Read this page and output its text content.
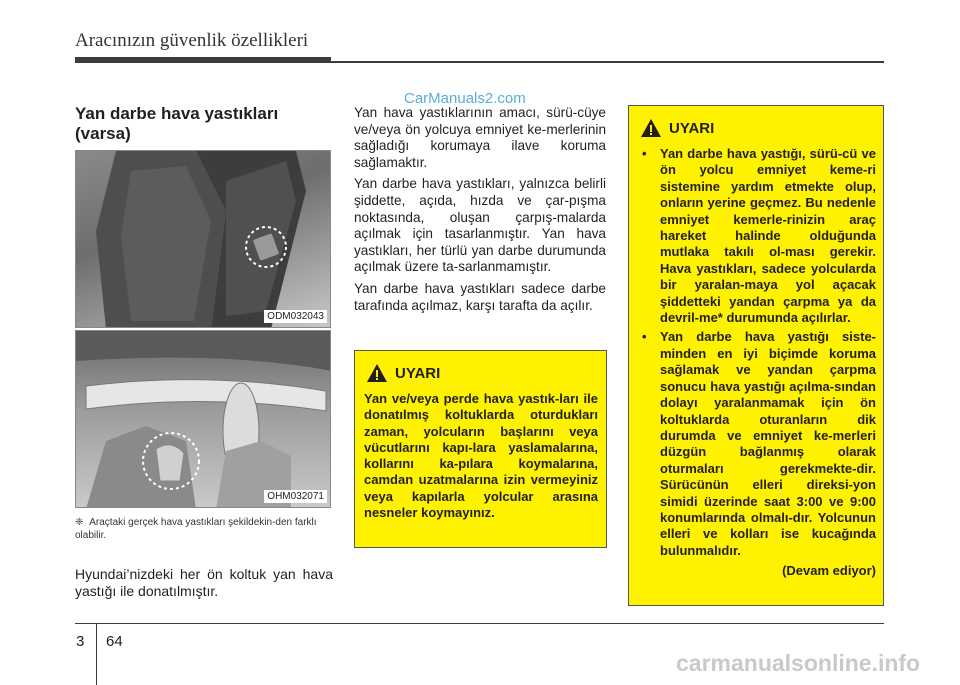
Aracınızın güvenlik özellikleri
CarManuals2.com
Yan darbe hava yastıkları
(varsa)
ODM032043
OHM032071
❈ Araçtaki gerçek hava yastıkları şekildekin-den farklı olabilir.
Hyundai’nizdeki her ön koltuk yan hava yastığı ile donatılmıştır.

Yan hava yastıklarının amacı, sürü-cüye ve/veya ön yolcuya emniyet ke-merlerinin sağladığı korumaya ilave koruma sağlamaktır.

Yan darbe hava yastıkları, yalnızca belirli şiddette, açıda, hızda ve çar-pışma noktasında, oluşan çarpış-malarda açılmak için tasarlanmıştır. Yan hava yastıkları, her türlü yan darbe durumunda açılmak üzere ta-sarlanmamıştır.

Yan darbe hava yastıkları sadece darbe tarafında açılmaz, karşı tarafta da açılır.

UYARI
Yan ve/veya perde hava yastık-ları ile donatılmış koltuklarda oturdukları zaman, yolcuların başlarını veya vücutlarını kapı-lara yaslamalarına, kollarını ka-pılara koymalarına, camdan uzatmalarına izin vermeyiniz veya kapılarla yolcular arasına nesneler koymayınız.
UYARI
• Yan darbe hava yastığı, sürü-cü ve ön yolcu emniyet keme-ri sistemine yardım etmekte olup, onların yerine geçmez. Bu nedenle emniyet kemerle-rinizin araç hareket halinde olduğunda mutlaka takılı ol-ması gerekir. Hava yastıkları, sadece yolcularda bir yaralan-maya yol açacak şiddetteki yandan çarpma ya da devril-me* durumunda açılırlar.
• Yan darbe hava yastığı siste-minden en iyi biçimde koruma sağlamak ve yandan çarpma sonucu hava yastığı açılma-sından dolayı yaralanmamak için ön koltuklarda oturanların dik durumda ve emniyet ke-merleri düzgün bağlanmış olarak oturmaları gerekmekte-dir. Sürücünün elleri direksi-yon simidi üzerinde saat 3:00 ve 9:00 konumlarında olmalı-dır. Yolcunun elleri ve kolları ise kucağında bulunmalıdır.
(Devam ediyor)
3 64
carmanualsonline.info
